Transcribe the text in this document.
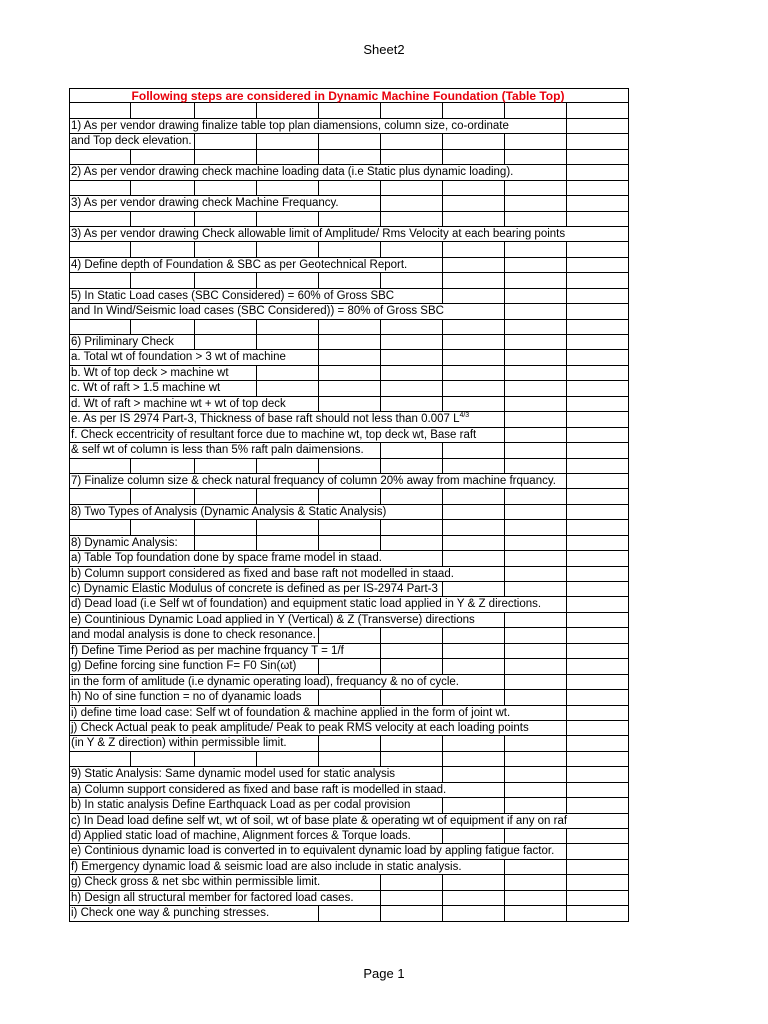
Sheet2
Following steps are considered in Dynamic Machine Foundation (Table Top)
1) As per vendor drawing finalize table top plan diamensions, column size, co-ordinate
and Top deck elevation.
2) As per vendor drawing check machine loading data (i.e Static plus dynamic loading).
3) As per vendor drawing check Machine Frequancy.
3) As per vendor drawing Check allowable limit of Amplitude/ Rms Velocity at each bearing points
4) Define depth of Foundation & SBC as per Geotechnical Report.
5) In Static Load cases (SBC Considered) = 60% of Gross SBC
and In Wind/Seismic load cases (SBC Considered)) = 80% of Gross SBC
6) Priliminary Check
a. Total wt of foundation > 3 wt of machine
b. Wt of top deck > machine wt
c. Wt of raft > 1.5 machine wt
d. Wt of raft > machine wt + wt of top deck
e. As per IS 2974 Part-3, Thickness of base raft should not less than 0.007 $L^{4/3}$
f. Check eccentricity of resultant force due to machine wt, top deck wt, Base raft
& self wt of column is less than 5% raft paln daimensions.
7) Finalize column size & check natural frequancy of column 20% away from machine frquancy.
8) Two Types of Analysis (Dynamic Analysis & Static Analysis)
8) Dynamic Analysis:
a) Table Top foundation done by space frame model in staad.
b) Column support considered as fixed and base raft not modelled in staad.
c) Dynamic Elastic Modulus of concrete is defined as per IS-2974 Part-3
d) Dead load (i.e Self wt of foundation) and equipment static load applied in Y & Z directions.
e) Countinious Dynamic Load applied in Y (Vertical) & Z (Transverse) directions
and modal analysis is done to check resonance.
f) Define Time Period as per machine frquancy T = 1/f
g) Define forcing sine function F= F0 Sin(ωt)
in the form of amlitude (i.e dynamic operating load), frequancy & no of cycle.
h) No of sine function = no of dyanamic loads
i) define time load case: Self wt of foundation & machine applied in the form of joint wt.
j) Check Actual peak to peak amplitude/ Peak to peak RMS velocity at each loading points
(in Y & Z direction) within permissible limit.
9) Static Analysis: Same dynamic model used for static analysis
a) Column support considered as fixed and base raft is modelled in staad.
b) In static analysis Define Earthquack Load as per codal provision
c) In Dead load define self wt, wt of soil, wt of base plate & operating wt of equipment if any on raf
d) Applied static load of machine, Alignment forces & Torque loads.
e) Continious dynamic load is converted in to equivalent dynamic load by appling fatigue factor.
f) Emergency dynamic load & seismic load are also include in static analysis.
g) Check gross & net sbc within permissible limit.
h) Design all structural member for factored load cases.
i) Check one way & punching stresses.
Page 1
